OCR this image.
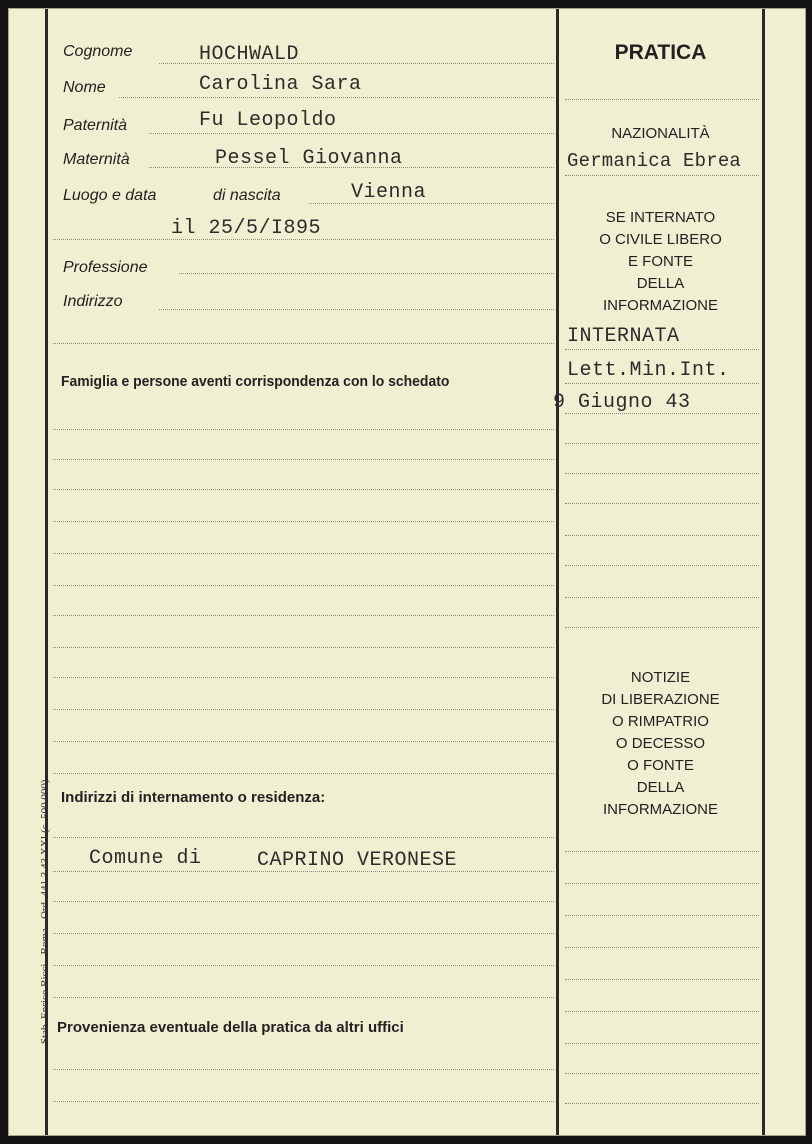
Stab. Enrico Ricci - Roma - Ord. 441 3 43 XXI (c. 500.000)
Cognome	HOCHWALD
Nome	Carolina Sara
Paternità	Fu Leopoldo
Maternità	Pessel Giovanna
Luogo e data	di nascita	Vienna
il 25/5/I895
Professione
Indirizzo
Famiglia e persone aventi corrispondenza con lo schedato
Indirizzi di internamento o residenza:
Comune di	CAPRINO VERONESE
Provenienza eventuale della pratica da altri uffici
PRATICA
NAZIONALITÀ
Germanica Ebrea
SE INTERNATO
O CIVILE LIBERO
E FONTE
DELLA
INFORMAZIONE
INTERNATA
Lett.Min.Int.
9 Giugno 43
NOTIZIE
DI LIBERAZIONE
O RIMPATRIO
O DECESSO
O FONTE
DELLA
INFORMAZIONE
